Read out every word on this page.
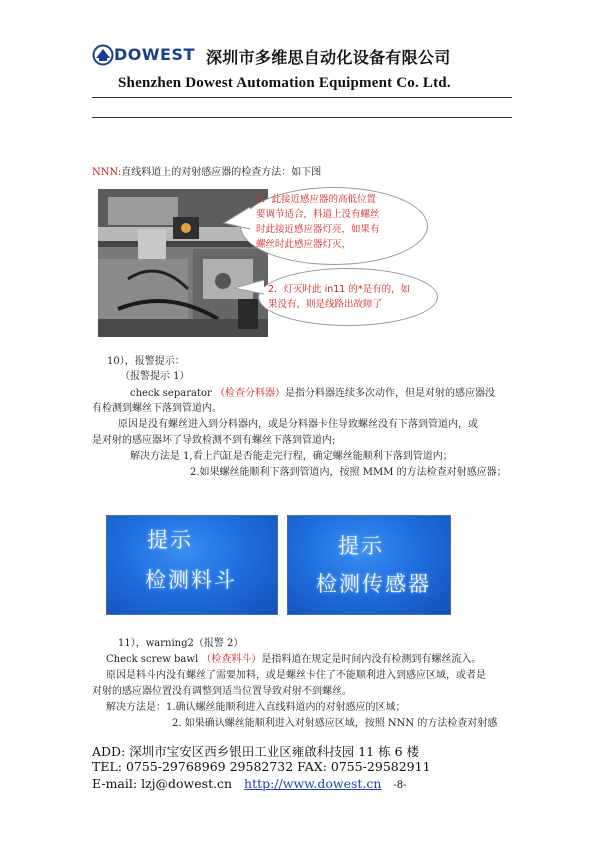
DOWEST 深圳市多维思自动化设备有限公司
Shenzhen Dowest Automation Equipment Co. Ltd.
NNN:直线料道上的对射感应器的检查方法：如下图
1．此接近感应器的高低位置
要调节适合，料道上没有螺丝
时此接近感应器灯亮，如果有
螺丝时此感应器灯灭，
2．灯灭时此 in11 的*是有的，如
果没有，则是线路出故障了
10），报警提示：
（报警提示 1）
check separator （检查分料器）是指分料器连续多次动作，但是对射的感应器没
有检测到螺丝下落到管道内。
原因是没有螺丝进入到分料器内，或是分料器卡住导致螺丝没有下落到管道内，或
是对射的感应器坏了导致检测不到有螺丝下落到管道内;
解决方法是 1,看上汽缸是否能走完行程，确定螺丝能顺利下落到管道内；
2.如果螺丝能顺利下落到管道内，按照 MMM 的方法检查对射感应器；
提示
检测料斗
提示
检测传感器
11），warning2（报警 2）
Check screw bawl （检查料斗）是指料道在规定是时间内没有检测到有螺丝流入。
原因是料斗内没有螺丝了需要加料，或是螺丝卡住了不能顺利进入到感应区域，或者是
对射的感应器位置没有调整到适当位置导致对射不到螺丝。
解决方法是：1.确认螺丝能顺利进入直线料道内的对射感应的区域；
2. 如果确认螺丝能顺利进入对射感应区域，按照 NNN 的方法检查对射感
ADD: 深圳市宝安区西乡银田工业区雍啟科技园 11 栋 6 楼
TEL: 0755-29768969 29582732 FAX: 0755-29582911
E-mail: lzj@dowest.cn http://www.dowest.cn -8-
